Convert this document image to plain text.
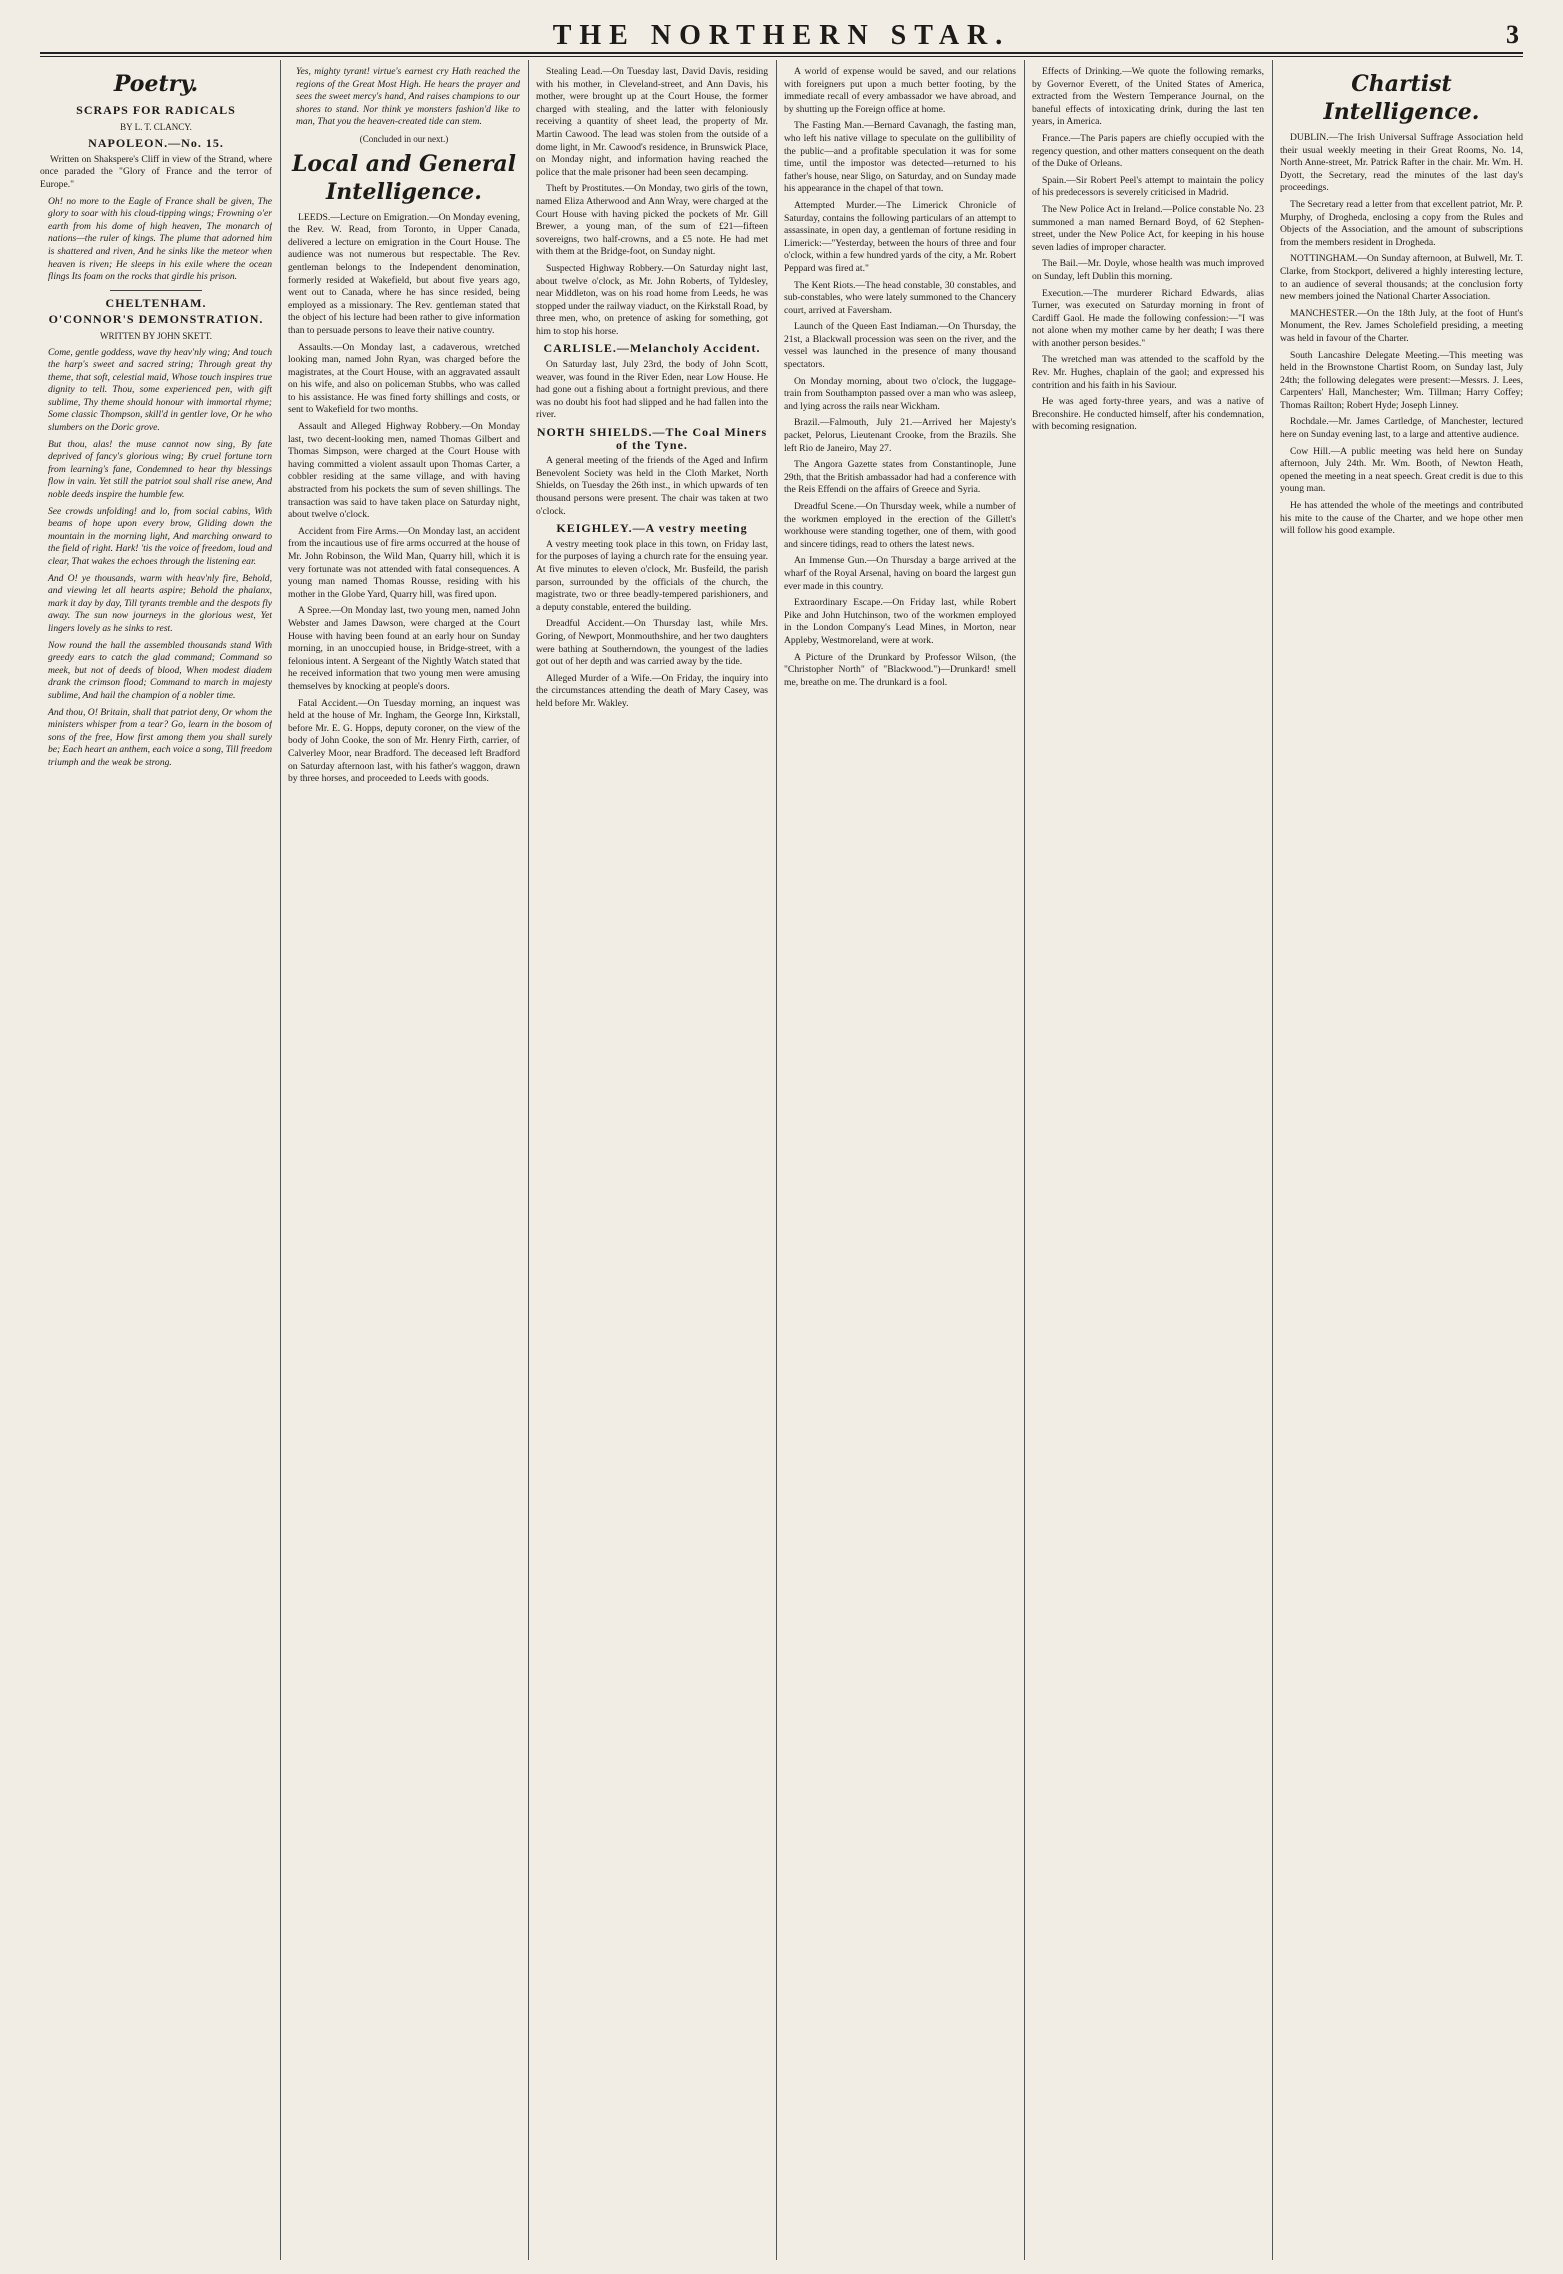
THE NORTHERN STAR.	3
Poetry.
SCRAPS FOR RADICALS
BY L. T. CLANCY.
NAPOLEON.—No. 15.

Written on Shakspere's Cliff in view of the Strand, where once paraded the "Glory of France and the terror of Europe."

Oh! no more to the Eagle of France shall be given, The glory to soar with his cloud-tipping wings; Frowning o'er earth from his dome of high heaven, The monarch of nations—the ruler of kings. The plume that adorned him is shattered and riven, And he sinks like the meteor when heaven is riven; He sleeps in his exile where the ocean flings Its foam on the rocks that girdle his prison.

CHELTENHAM.
O'CONNOR'S DEMONSTRATION.
WRITTEN BY JOHN SKETT.

Come, gentle goddess, wave thy heav'nly wing; And touch the harp's sweet and sacred string; Through great thy theme, that soft, celestial maid, Whose touch inspires true dignity to tell. Thou, some experienced pen, with gift sublime, Thy theme should honour with immortal rhyme; Some classic Thompson, skill'd in gentler love, Or he who slumbers on the Doric grove.

But thou, alas! the muse cannot now sing, By fate deprived of fancy's glorious wing; By cruel fortune torn from learning's fane, Condemned to hear thy blessings flow in vain. Yet still the patriot soul shall rise anew, And noble deeds inspire the humble few.

See crowds unfolding! and lo, from social cabins, With beams of hope upon every brow, Gliding down the mountain in the morning light, And marching onward to the field of right. Hark! 'tis the voice of freedom, loud and clear, That wakes the echoes through the listening ear.

And O! ye thousands, warm with heav'nly fire, Behold, and viewing let all hearts aspire; Behold the phalanx, mark it day by day, Till tyrants tremble and the despots fly away. The sun now journeys in the glorious west, Yet lingers lovely as he sinks to rest.

Now round the hall the assembled thousands stand With greedy ears to catch the glad command; Command so meek, but not of deeds of blood, When modest diadem drank the crimson flood; Command to march in majesty sublime, And hail the champion of a nobler time.

And thou, O! Britain, shall that patriot deny, Or whom the ministers whisper from a tear? Go, learn in the bosom of sons of the free, How first among them you shall surely be; Each heart an anthem, each voice a song, Till freedom triumph and the weak be strong.

Yes, mighty tyrant! virtue's earnest cry Hath reached the regions of the Great Most High. He hears the prayer and sees the sweet mercy's hand, And raises champions to our shores to stand. Nor think ye monsters fashion'd like to man, That you the heaven-created tide can stem.

(Concluded in our next.)
Local and General Intelligence.

LEEDS.—Lecture on Emigration.—On Monday evening, the Rev. W. Read, from Toronto, in Upper Canada, delivered a lecture on emigration in the Court House. The audience was not numerous but respectable. The Rev. gentleman belongs to the Independent denomination, formerly resided at Wakefield, but about five years ago, went out to Canada, where he has since resided, being employed as a missionary. The Rev. gentleman stated that the object of his lecture had been rather to give information than to persuade persons to leave their native country.

Assaults.—On Monday last, a cadaverous, wretched looking man, named John Ryan, was charged before the magistrates, at the Court House, with an aggravated assault on his wife, and also on policeman Stubbs, who was called to his assistance. He was fined forty shillings and costs, or sent to Wakefield for two months.

Assault and Alleged Highway Robbery.—On Monday last, two decent-looking men, named Thomas Gilbert and Thomas Simpson, were charged at the Court House with having committed a violent assault upon Thomas Carter, a cobbler residing at the same village, and with having abstracted from his pockets the sum of seven shillings. The transaction was said to have taken place on Saturday night, about twelve o'clock.

Accident from Fire Arms.—On Monday last, an accident from the incautious use of fire arms occurred at the house of Mr. John Robinson, the Wild Man, Quarry hill, which it is very fortunate was not attended with fatal consequences. A young man named Thomas Rousse, residing with his mother in the Globe Yard, Quarry hill, was fired upon.

A Spree.—On Monday last, two young men, named John Webster and James Dawson, were charged at the Court House with having been found at an early hour on Sunday morning, in an unoccupied house, in Bridge-street, with a felonious intent. A Sergeant of the Nightly Watch stated that he received information that two young men were amusing themselves by knocking at people's doors.

Fatal Accident.—On Tuesday morning, an inquest was held at the house of Mr. Ingham, the George Inn, Kirkstall, before Mr. E. G. Hopps, deputy coroner, on the view of the body of John Cooke, the son of Mr. Henry Firth, carrier, of Calverley Moor, near Bradford. The deceased left Bradford on Saturday afternoon last, with his father's waggon, drawn by three horses, and proceeded to Leeds with goods.

Stealing Lead.—On Tuesday last, David Davis, residing with his mother, in Cleveland-street, and Ann Davis, his mother, were brought up at the Court House, the former charged with stealing, and the latter with feloniously receiving a quantity of sheet lead, the property of Mr. Martin Cawood. The lead was stolen from the outside of a dome light, in Mr. Cawood's residence, in Brunswick Place, on Monday night, and information having reached the police that the male prisoner had been seen decamping.

Theft by Prostitutes.—On Monday, two girls of the town, named Eliza Atherwood and Ann Wray, were charged at the Court House with having picked the pockets of Mr. Gill Brewer, a young man, of the sum of £21—fifteen sovereigns, two half-crowns, and a £5 note. He had met with them at the Bridge-foot, on Sunday night.

Suspected Highway Robbery.—On Saturday night last, about twelve o'clock, as Mr. John Roberts, of Tyldesley, near Middleton, was on his road home from Leeds, he was stopped under the railway viaduct, on the Kirkstall Road, by three men, who, on pretence of asking for something, got him to stop his horse.

CARLISLE.—Melancholy Accident.

On Saturday last, July 23rd, the body of John Scott, weaver, was found in the River Eden, near Low House. He had gone out a fishing about a fortnight previous, and there was no doubt his foot had slipped and he had fallen into the river.

NORTH SHIELDS.—The Coal Miners of the Tyne.

A general meeting of the friends of the Aged and Infirm Benevolent Society was held in the Cloth Market, North Shields, on Tuesday the 26th inst., in which upwards of ten thousand persons were present. The chair was taken at two o'clock.

KEIGHLEY.—A vestry meeting

A vestry meeting took place in this town, on Friday last, for the purposes of laying a church rate for the ensuing year. At five minutes to eleven o'clock, Mr. Busfeild, the parish parson, surrounded by the officials of the church, the magistrate, two or three beadly-tempered parishioners, and a deputy constable, entered the building.

Dreadful Accident.—On Thursday last, while Mrs. Goring, of Newport, Monmouthshire, and her two daughters were bathing at Southerndown, the youngest of the ladies got out of her depth and was carried away by the tide.

Alleged Murder of a Wife.—On Friday, the inquiry into the circumstances attending the death of Mary Casey, was held before Mr. Wakley.

A world of expense would be saved, and our relations with foreigners put upon a much better footing, by the immediate recall of every ambassador we have abroad, and by shutting up the Foreign office at home.

The Fasting Man.—Bernard Cavanagh, the fasting man, who left his native village to speculate on the gullibility of the public—and a profitable speculation it was for some time, until the impostor was detected—returned to his father's house, near Sligo, on Saturday, and on Sunday made his appearance in the chapel of that town.

Attempted Murder.—The Limerick Chronicle of Saturday, contains the following particulars of an attempt to assassinate, in open day, a gentleman of fortune residing in Limerick:—"Yesterday, between the hours of three and four o'clock, within a few hundred yards of the city, a Mr. Robert Peppard was fired at."

The Kent Riots.—The head constable, 30 constables, and sub-constables, who were lately summoned to the Chancery court, arrived at Faversham.

Launch of the Queen East Indiaman.—On Thursday, the 21st, a Blackwall procession was seen on the river, and the vessel was launched in the presence of many thousand spectators.

On Monday morning, about two o'clock, the luggage-train from Southampton passed over a man who was asleep, and lying across the rails near Wickham.

Brazil.—Falmouth, July 21.—Arrived her Majesty's packet, Pelorus, Lieutenant Crooke, from the Brazils. She left Rio de Janeiro, May 27.

The Angora Gazette states from Constantinople, June 29th, that the British ambassador had had a conference with the Reis Effendi on the affairs of Greece and Syria.

Dreadful Scene.—On Thursday week, while a number of the workmen employed in the erection of the Gillett's workhouse were standing together, one of them, with good and sincere tidings, read to others the latest news.

An Immense Gun.—On Thursday a barge arrived at the wharf of the Royal Arsenal, having on board the largest gun ever made in this country.

Extraordinary Escape.—On Friday last, while Robert Pike and John Hutchinson, two of the workmen employed in the London Company's Lead Mines, in Morton, near Appleby, Westmoreland, were at work.

A Picture of the Drunkard by Professor Wilson, (the "Christopher North" of "Blackwood.")—Drunkard! smell me, breathe on me. The drunkard is a fool.

Effects of Drinking.—We quote the following remarks, by Governor Everett, of the United States of America, extracted from the Western Temperance Journal, on the baneful effects of intoxicating drink, during the last ten years, in America.

France.—The Paris papers are chiefly occupied with the regency question, and other matters consequent on the death of the Duke of Orleans.

Spain.—Sir Robert Peel's attempt to maintain the policy of his predecessors is severely criticised in Madrid.

The New Police Act in Ireland.—Police constable No. 23 summoned a man named Bernard Boyd, of 62 Stephen-street, under the New Police Act, for keeping in his house seven ladies of improper character.

The Bail.—Mr. Doyle, whose health was much improved on Sunday, left Dublin this morning.

Execution.—The murderer Richard Edwards, alias Turner, was executed on Saturday morning in front of Cardiff Gaol. He made the following confession:—"I was not alone when my mother came by her death; I was there with another person besides."

The wretched man was attended to the scaffold by the Rev. Mr. Hughes, chaplain of the gaol; and expressed his contrition and his faith in his Saviour.

He was aged forty-three years, and was a native of Breconshire. He conducted himself, after his condemnation, with becoming resignation.

Chartist Intelligence.

DUBLIN.—The Irish Universal Suffrage Association held their usual weekly meeting in their Great Rooms, No. 14, North Anne-street, Mr. Patrick Rafter in the chair. Mr. Wm. H. Dyott, the Secretary, read the minutes of the last day's proceedings.

The Secretary read a letter from that excellent patriot, Mr. P. Murphy, of Drogheda, enclosing a copy from the Rules and Objects of the Association, and the amount of subscriptions from the members resident in Drogheda.

NOTTINGHAM.—On Sunday afternoon, at Bulwell, Mr. T. Clarke, from Stockport, delivered a highly interesting lecture, to an audience of several thousands; at the conclusion forty new members joined the National Charter Association.

MANCHESTER.—On the 18th July, at the foot of Hunt's Monument, the Rev. James Scholefield presiding, a meeting was held in favour of the Charter.

South Lancashire Delegate Meeting.—This meeting was held in the Brownstone Chartist Room, on Sunday last, July 24th; the following delegates were present:—Messrs. J. Lees, Carpenters' Hall, Manchester; Wm. Tillman; Harry Coffey; Thomas Railton; Robert Hyde; Joseph Linney.

Rochdale.—Mr. James Cartledge, of Manchester, lectured here on Sunday evening last, to a large and attentive audience.

Cow Hill.—A public meeting was held here on Sunday afternoon, July 24th. Mr. Wm. Booth, of Newton Heath, opened the meeting in a neat speech. Great credit is due to this young man.

He has attended the whole of the meetings and contributed his mite to the cause of the Charter, and we hope other men will follow his good example.
